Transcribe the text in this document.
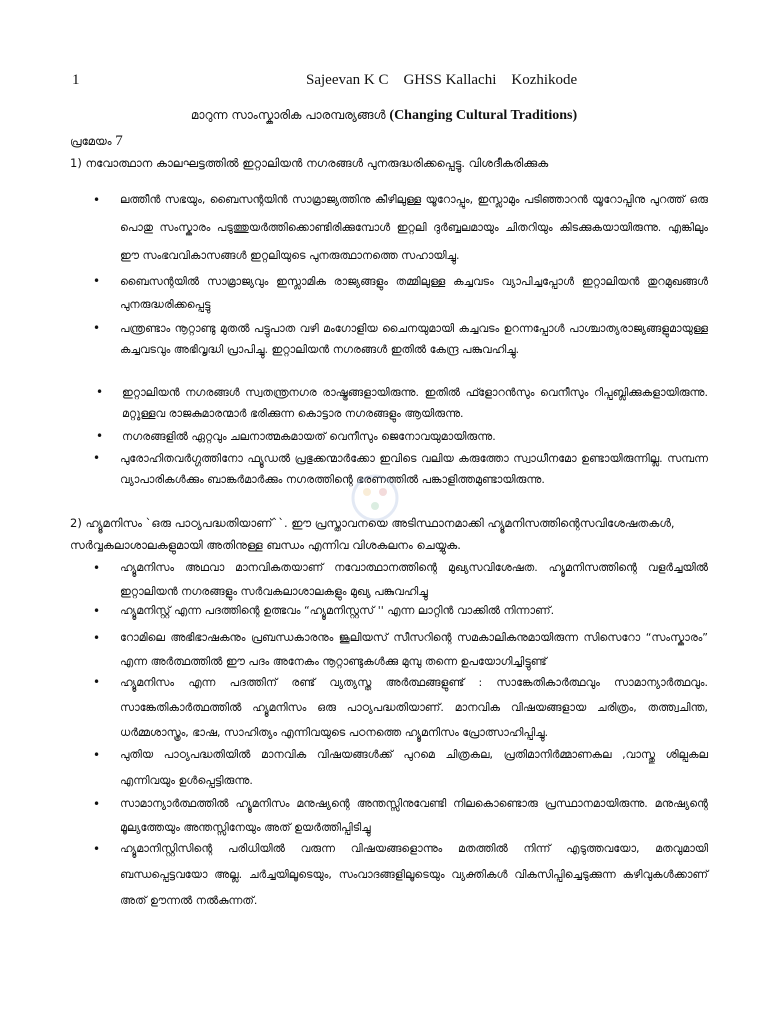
1	Sajeevan K C    GHSS Kallachi    Kozhikode
മാറുന്ന സാംസ്കാരിക പാരമ്പര്യങ്ങൾ (Changing Cultural Traditions)
പ്രമേയം 7
1) നവോത്ഥാന കാലഘട്ടത്തിൽ ഇറ്റാലിയൻ നഗരങ്ങൾ പുനരുദ്ധരിക്കപ്പെട്ടു. വിശദീകരിക്കുക
• ലത്തീൻ സഭയും, ബൈസന്റയിൻ സാമ്രാജ്യത്തിനു കീഴിലുള്ള യൂറോപ്പും, ഇസ്ലാമും പടിഞ്ഞാറൻ യൂറോപ്പിനു പുറത്ത് ഒരു പൊതു സംസ്കാരം പടുത്തുയർത്തിക്കൊണ്ടിരിക്കുമ്പോൾ ഇറ്റലി ദുർബ്ബലമായും ചിതറിയും കിടക്കുകയായിരുന്നു. എങ്കിലും ഈ സംഭവവികാസങ്ങൾ ഇറ്റലിയുടെ പുനരുത്ഥാനത്തെ സഹായിച്ചു.
• ബൈസന്റയിൽ സാമ്രാജ്യവും ഇസ്ലാമിക രാജ്യങ്ങളും തമ്മിലുള്ള കച്ചവടം വ്യാപിച്ചപ്പോൾ ഇറ്റാലിയൻ തുറമുഖങ്ങൾ പുനരുദ്ധരിക്കപ്പെട്ടു
• പന്ത്രണ്ടാം നൂറ്റാണ്ടു മുതൽ പട്ടുപാത വഴി മംഗോളിയ ചൈനയുമായി കച്ചവടം ഉറന്നപ്പോൾ പാശ്ചാത്യരാജ്യങ്ങളുമായുള്ള കച്ചവടവും അഭിവൃദ്ധി പ്രാപിച്ചു. ഇറ്റാലിയൻ നഗരങ്ങൾ ഇതിൽ കേന്ദ്ര പങ്കുവഹിച്ചു.
• ഇറ്റാലിയൻ നഗരങ്ങൾ സ്വതന്ത്രനഗര രാഷ്ട്രങ്ങളായിരുന്നു. ഇതിൽ ഫ്ളോറൻസും വെനീസും റിപ്പബ്ലിക്കുകളായിരുന്നു. മറ്റുള്ളവ രാജകുമാരന്മാർ ഭരിക്കുന്ന കൊട്ടാര നഗരങ്ങളും ആയിരുന്നു.
• നഗരങ്ങളിൽ ഏറ്റവും ചലനാത്മകമായത് വെനീസും ജെനോവയുമായിരുന്നു.
• പുരോഹിതവർഗ്ഗത്തിനോ ഫ്യൂഡൽ പ്രഭുക്കന്മാർക്കോ ഇവിടെ വലിയ കരുത്തോ സ്വാധീനമോ ഉണ്ടായിരുന്നില്ല. സമ്പന്ന വ്യാപാരികൾക്കും ബാങ്കർമാർക്കും നഗരത്തിന്റെ ഭരണത്തിൽ പങ്കാളിത്തമുണ്ടായിരുന്നു.
2) ഹ്യൂമനിസം `ഒരു പാഠ്യപദ്ധതിയാണ്``. ഈ പ്രസ്താവനയെ അടിസ്ഥാനമാക്കി ഹ്യൂമനിസത്തിന്റെസവിശേഷതകൾ, സർവ്വകലാശാലകളുമായി അതിനുള്ള ബന്ധം എന്നിവ വിശകലനം ചെയ്യുക.
• ഹ്യൂമനിസം അഥവാ മാനവികതയാണ് നവോത്ഥാനത്തിന്റെ മുഖ്യസവിശേഷത. ഹ്യൂമനിസത്തിന്റെ വളർച്ചയിൽ ഇറ്റാലിയൻ നഗരങ്ങളും സർവകലാശാലകളും മുഖ്യ പങ്കുവഹിച്ചു
• ഹ്യൂമനിസ്റ്റ് എന്ന പദത്തിന്റെ ഉത്ഭവം “ഹ്യൂമനിസ്റ്റസ് '' എന്ന ലാറ്റിൻ വാക്കിൽ നിന്നാണ്.
• റോമിലെ അഭിഭാഷകനും പ്രബന്ധകാരനും ജൂലിയസ് സീസറിന്റെ സമകാലികനുമായിരുന്ന സിസെറോ “സംസ്കാരം” എന്ന അർത്ഥത്തിൽ ഈ പദം അനേകം നൂറ്റാണ്ടുകൾക്കു മുമ്പു തന്നെ ഉപയോഗിച്ചിട്ടുണ്ട്
• ഹ്യൂമനിസം എന്ന പദത്തിന് രണ്ട് വ്യത്യസ്ത അർത്ഥങ്ങളുണ്ട് : സാങ്കേതികാർത്ഥവും സാമാന്യാർത്ഥവും. സാങ്കേതികാർത്ഥത്തിൽ ഹ്യൂമനിസം ഒരു പാഠ്യപദ്ധതിയാണ്. മാനവിക വിഷയങ്ങളായ ചരിത്രം, തത്ത്വചിന്ത, ധർമ്മശാസ്ത്രം, ഭാഷ, സാഹിത്യം എന്നിവയുടെ പഠനത്തെ ഹ്യൂമനിസം പ്രോത്സാഹിപ്പിച്ചു.
• പുതിയ പാഠ്യപദ്ധതിയിൽ മാനവിക വിഷയങ്ങൾക്ക് പുറമെ ചിത്രകല, പ്രതിമാനിർമ്മാണകല ,വാസ്തു ശില്പകല എന്നിവയും ഉൾപ്പെട്ടിരുന്നു.
• സാമാന്യാർത്ഥത്തിൽ ഹ്യൂമനിസം മനുഷ്യന്റെ അന്തസ്സിനുവേണ്ടി നിലകൊണ്ടൊരു പ്രസ്ഥാനമായിരുന്നു. മനുഷ്യന്റെ മൂല്യത്തേയും അന്തസ്സിനേയും അത് ഉയർത്തിപ്പിടിച്ചു
• ഹ്യൂമാനിസ്റ്റിസിന്റെ പരിധിയിൽ വരുന്ന വിഷയങ്ങളൊന്നും മതത്തിൽ നിന്ന് എടുത്തവയോ, മതവുമായി ബന്ധപ്പെട്ടവയോ അല്ല. ചർച്ചയിലൂടെയും, സംവാദങ്ങളിലൂടെയും വ്യക്തികൾ വികസിപ്പിച്ചെടുക്കുന്ന കഴിവുകൾക്കാണ് അത് ഊന്നൽ നൽകുന്നത്.
